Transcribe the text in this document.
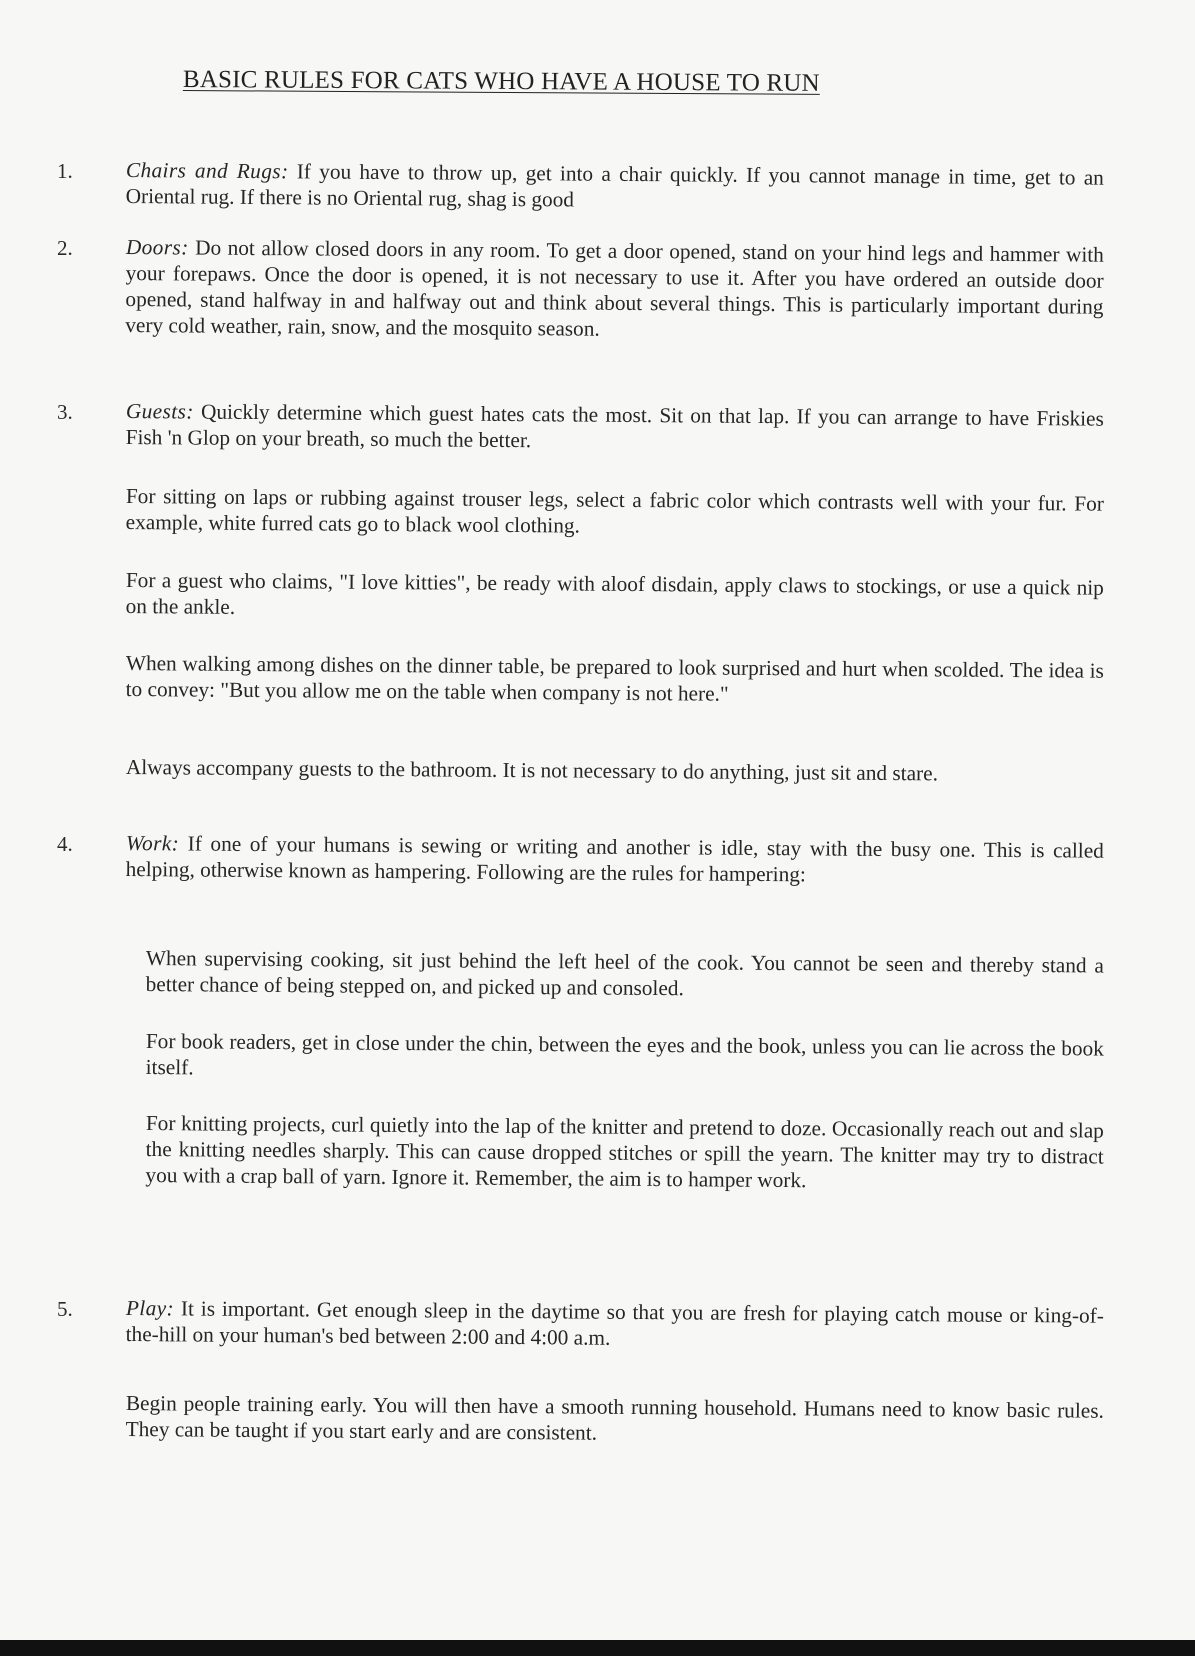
BASIC RULES FOR CATS WHO HAVE A HOUSE TO RUN
1. Chairs and Rugs: If you have to throw up, get into a chair quickly. If you cannot manage in time, get to an Oriental rug. If there is no Oriental rug, shag is good
2. Doors: Do not allow closed doors in any room. To get a door opened, stand on your hind legs and hammer with your forepaws. Once the door is opened, it is not necessary to use it. After you have ordered an outside door opened, stand halfway in and halfway out and think about several things. This is particularly important during very cold weather, rain, snow, and the mosquito season.
3. Guests: Quickly determine which guest hates cats the most. Sit on that lap. If you can arrange to have Friskies Fish 'n Glop on your breath, so much the better.
For sitting on laps or rubbing against trouser legs, select a fabric color which contrasts well with your fur. For example, white furred cats go to black wool clothing.
For a guest who claims, "I love kitties", be ready with aloof disdain, apply claws to stockings, or use a quick nip on the ankle.
When walking among dishes on the dinner table, be prepared to look surprised and hurt when scolded. The idea is to convey: "But you allow me on the table when company is not here."
Always accompany guests to the bathroom. It is not necessary to do anything, just sit and stare.
4. Work: If one of your humans is sewing or writing and another is idle, stay with the busy one. This is called helping, otherwise known as hampering. Following are the rules for hampering:
When supervising cooking, sit just behind the left heel of the cook. You cannot be seen and thereby stand a better chance of being stepped on, and picked up and consoled.
For book readers, get in close under the chin, between the eyes and the book, unless you can lie across the book itself.
For knitting projects, curl quietly into the lap of the knitter and pretend to doze. Occasionally reach out and slap the knitting needles sharply. This can cause dropped stitches or spill the yearn. The knitter may try to distract you with a crap ball of yarn. Ignore it. Remember, the aim is to hamper work.
5. Play: It is important. Get enough sleep in the daytime so that you are fresh for playing catch mouse or king-of-the-hill on your human's bed between 2:00 and 4:00 a.m.
Begin people training early. You will then have a smooth running household. Humans need to know basic rules. They can be taught if you start early and are consistent.
